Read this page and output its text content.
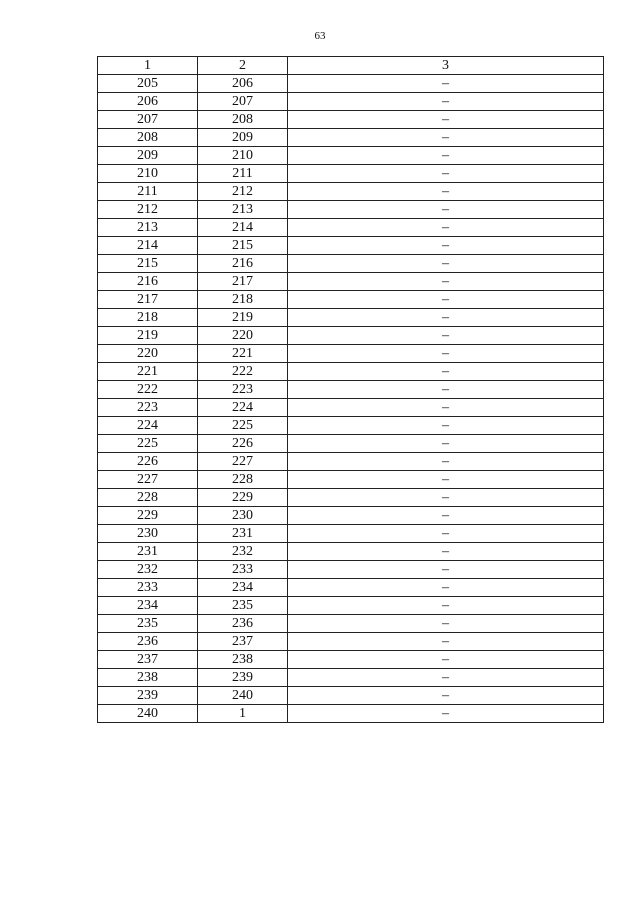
63
1	2	3
205	206	–
206	207	–
207	208	–
208	209	–
209	210	–
210	211	–
211	212	–
212	213	–
213	214	–
214	215	–
215	216	–
216	217	–
217	218	–
218	219	–
219	220	–
220	221	–
221	222	–
222	223	–
223	224	–
224	225	–
225	226	–
226	227	–
227	228	–
228	229	–
229	230	–
230	231	–
231	232	–
232	233	–
233	234	–
234	235	–
235	236	–
236	237	–
237	238	–
238	239	–
239	240	–
240	1	–
